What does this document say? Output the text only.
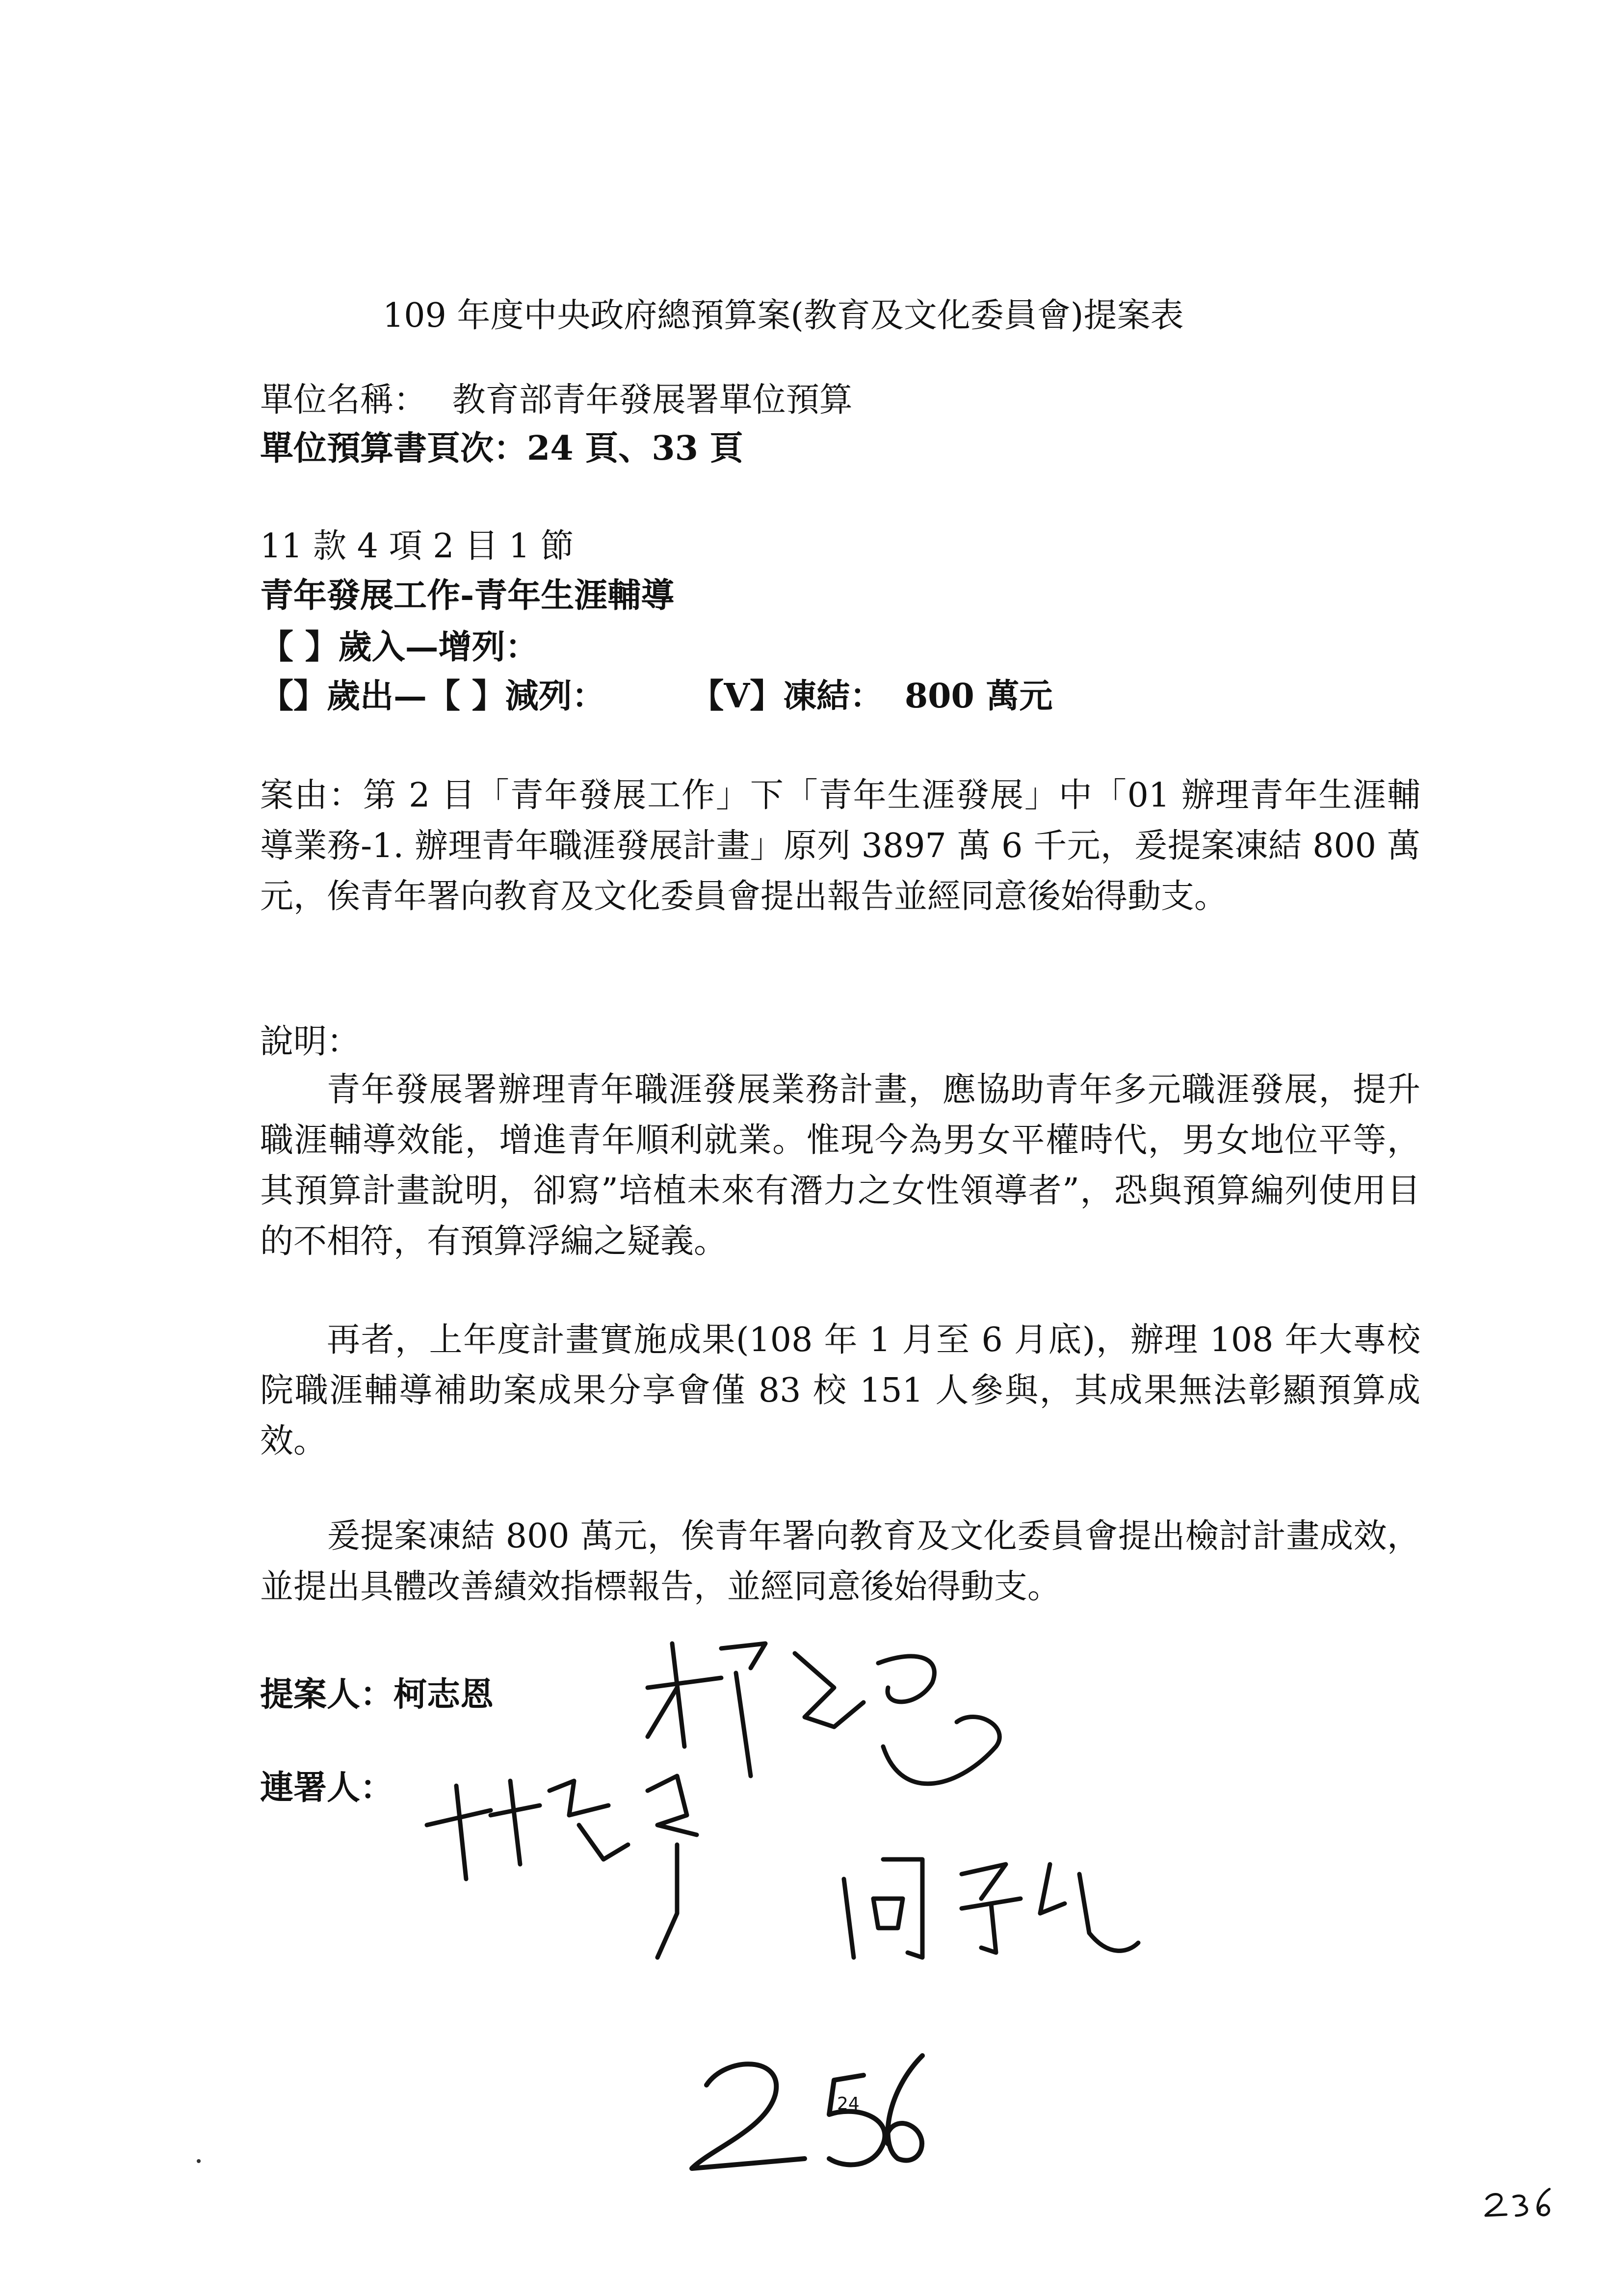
109 年度中央政府總預算案(教育及文化委員會)提案表
單位名稱： 教育部青年發展署單位預算
單位預算書頁次：24 頁、33 頁
11 款 4 項 2 目 1 節
青年發展工作-青年生涯輔導
【 】歲入—增列：
【】歲出—【 】減列：	【V】凍結： 800 萬元
案由：第 2 目「青年發展工作」下「青年生涯發展」中「01 辦理青年生涯輔導業務-1. 辦理青年職涯發展計畫」原列 3897 萬 6 千元，爰提案凍結 800 萬元，俟青年署向教育及文化委員會提出報告並經同意後始得動支。
說明：
青年發展署辦理青年職涯發展業務計畫，應協助青年多元職涯發展，提升職涯輔導效能，增進青年順利就業。惟現今為男女平權時代，男女地位平等，其預算計畫說明，卻寫”培植未來有潛力之女性領導者”，恐與預算編列使用目的不相符，有預算浮編之疑義。
再者，上年度計畫實施成果(108 年 1 月至 6 月底)，辦理 108 年大專校院職涯輔導補助案成果分享會僅 83 校 151 人參與，其成果無法彰顯預算成效。
爰提案凍結 800 萬元，俟青年署向教育及文化委員會提出檢討計畫成效，並提出具體改善績效指標報告，並經同意後始得動支。
提案人：柯志恩
連署人：
24
